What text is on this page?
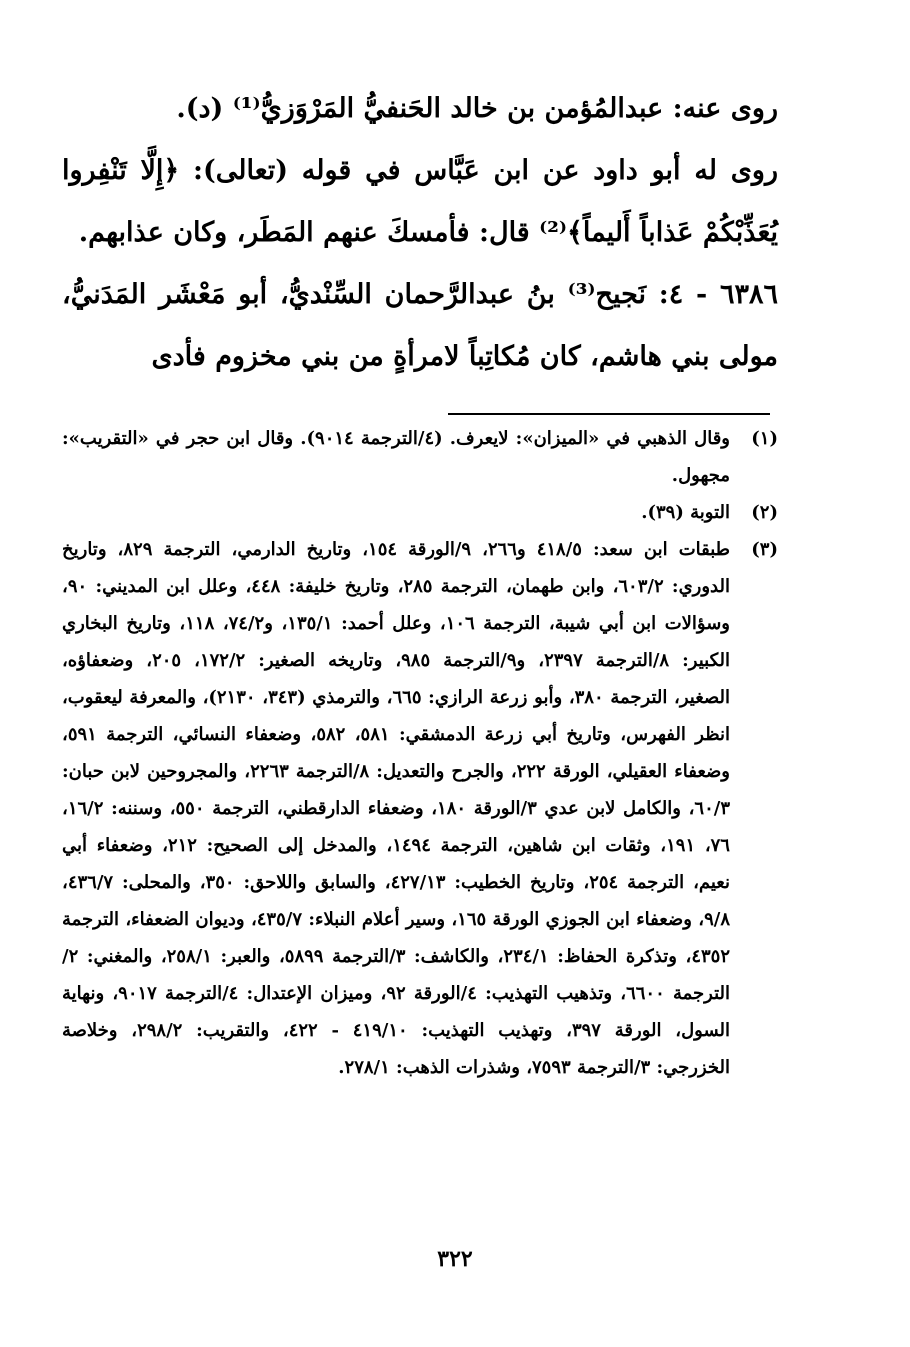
روى عنه: عبدالمُؤمن بن خالد الحَنفيُّ المَرْوَزيُّ⁽¹⁾ (د).

روى له أبو داود عن ابن عَبَّاس في قوله (تعالى): ﴿إِلَّا تَنْفِروا يُعَذِّبْكُمْ عَذاباً أَليماً﴾⁽²⁾ قال: فأمسكَ عنهم المَطَر، وكان عذابهم.

٦٣٨٦ - ٤: نَجيح⁽³⁾ بنُ عبدالرَّحمان السِّنْديُّ، أبو مَعْشَر المَدَنيُّ، مولى بني هاشم، كان مُكاتِباً لامرأةٍ من بني مخزوم فأدى

(١)
وقال الذهبي في «الميزان»: لايعرف. (٤/الترجمة ٩٠١٤). وقال ابن حجر في «التقريب»: مجهول.
(٢)
التوبة (٣٩).
(٣)
طبقات ابن سعد: ٤١٨/٥ و٢٦٦، ٩/الورقة ١٥٤، وتاريخ الدارمي، الترجمة ٨٢٩، وتاريخ الدوري: ٦٠٣/٢، وابن طهمان، الترجمة ٢٨٥، وتاريخ خليفة: ٤٤٨، وعلل ابن المديني: ٩٠، وسؤالات ابن أبي شيبة، الترجمة ١٠٦، وعلل أحمد: ١٣٥/١، و٧٤/٢، ١١٨، وتاريخ البخاري الكبير: ٨/الترجمة ٢٣٩٧، و٩/الترجمة ٩٨٥، وتاريخه الصغير: ١٧٢/٢، ٢٠٥، وضعفاؤه، الصغير، الترجمة ٣٨٠، وأبو زرعة الرازي: ٦٦٥، والترمذي (٣٤٣، ٢١٣٠)، والمعرفة ليعقوب، انظر الفهرس، وتاريخ أبي زرعة الدمشقي: ٥٨١، ٥٨٢، وضعفاء النسائي، الترجمة ٥٩١، وضعفاء العقيلي، الورقة ٢٢٢، والجرح والتعديل: ٨/الترجمة ٢٢٦٣، والمجروحين لابن حبان: ٦٠/٣، والكامل لابن عدي ٣/الورقة ١٨٠، وضعفاء الدارقطني، الترجمة ٥٥٠، وسننه: ١٦/٢، ٧٦، ١٩١، وثقات ابن شاهين، الترجمة ١٤٩٤، والمدخل إلى الصحيح: ٢١٢، وضعفاء أبي نعيم، الترجمة ٢٥٤، وتاريخ الخطيب: ٤٢٧/١٣، والسابق واللاحق: ٣٥٠، والمحلى: ٤٣٦/٧، ٩/٨، وضعفاء ابن الجوزي الورقة ١٦٥، وسير أعلام النبلاء: ٤٣٥/٧، وديوان الضعفاء، الترجمة ٤٣٥٢، وتذكرة الحفاظ: ٢٣٤/١، والكاشف: ٣/الترجمة ٥٨٩٩، والعبر: ٢٥٨/١، والمغني: ٢/الترجمة ٦٦٠٠، وتذهيب التهذيب: ٤/الورقة ٩٢، وميزان الإعتدال: ٤/الترجمة ٩٠١٧، ونهاية السول، الورقة ٣٩٧، وتهذيب التهذيب: ٤١٩/١٠ - ٤٢٢، والتقريب: ٢٩٨/٢، وخلاصة الخزرجي: ٣/الترجمة ٧٥٩٣، وشذرات الذهب: ٢٧٨/١.
٣٢٢
